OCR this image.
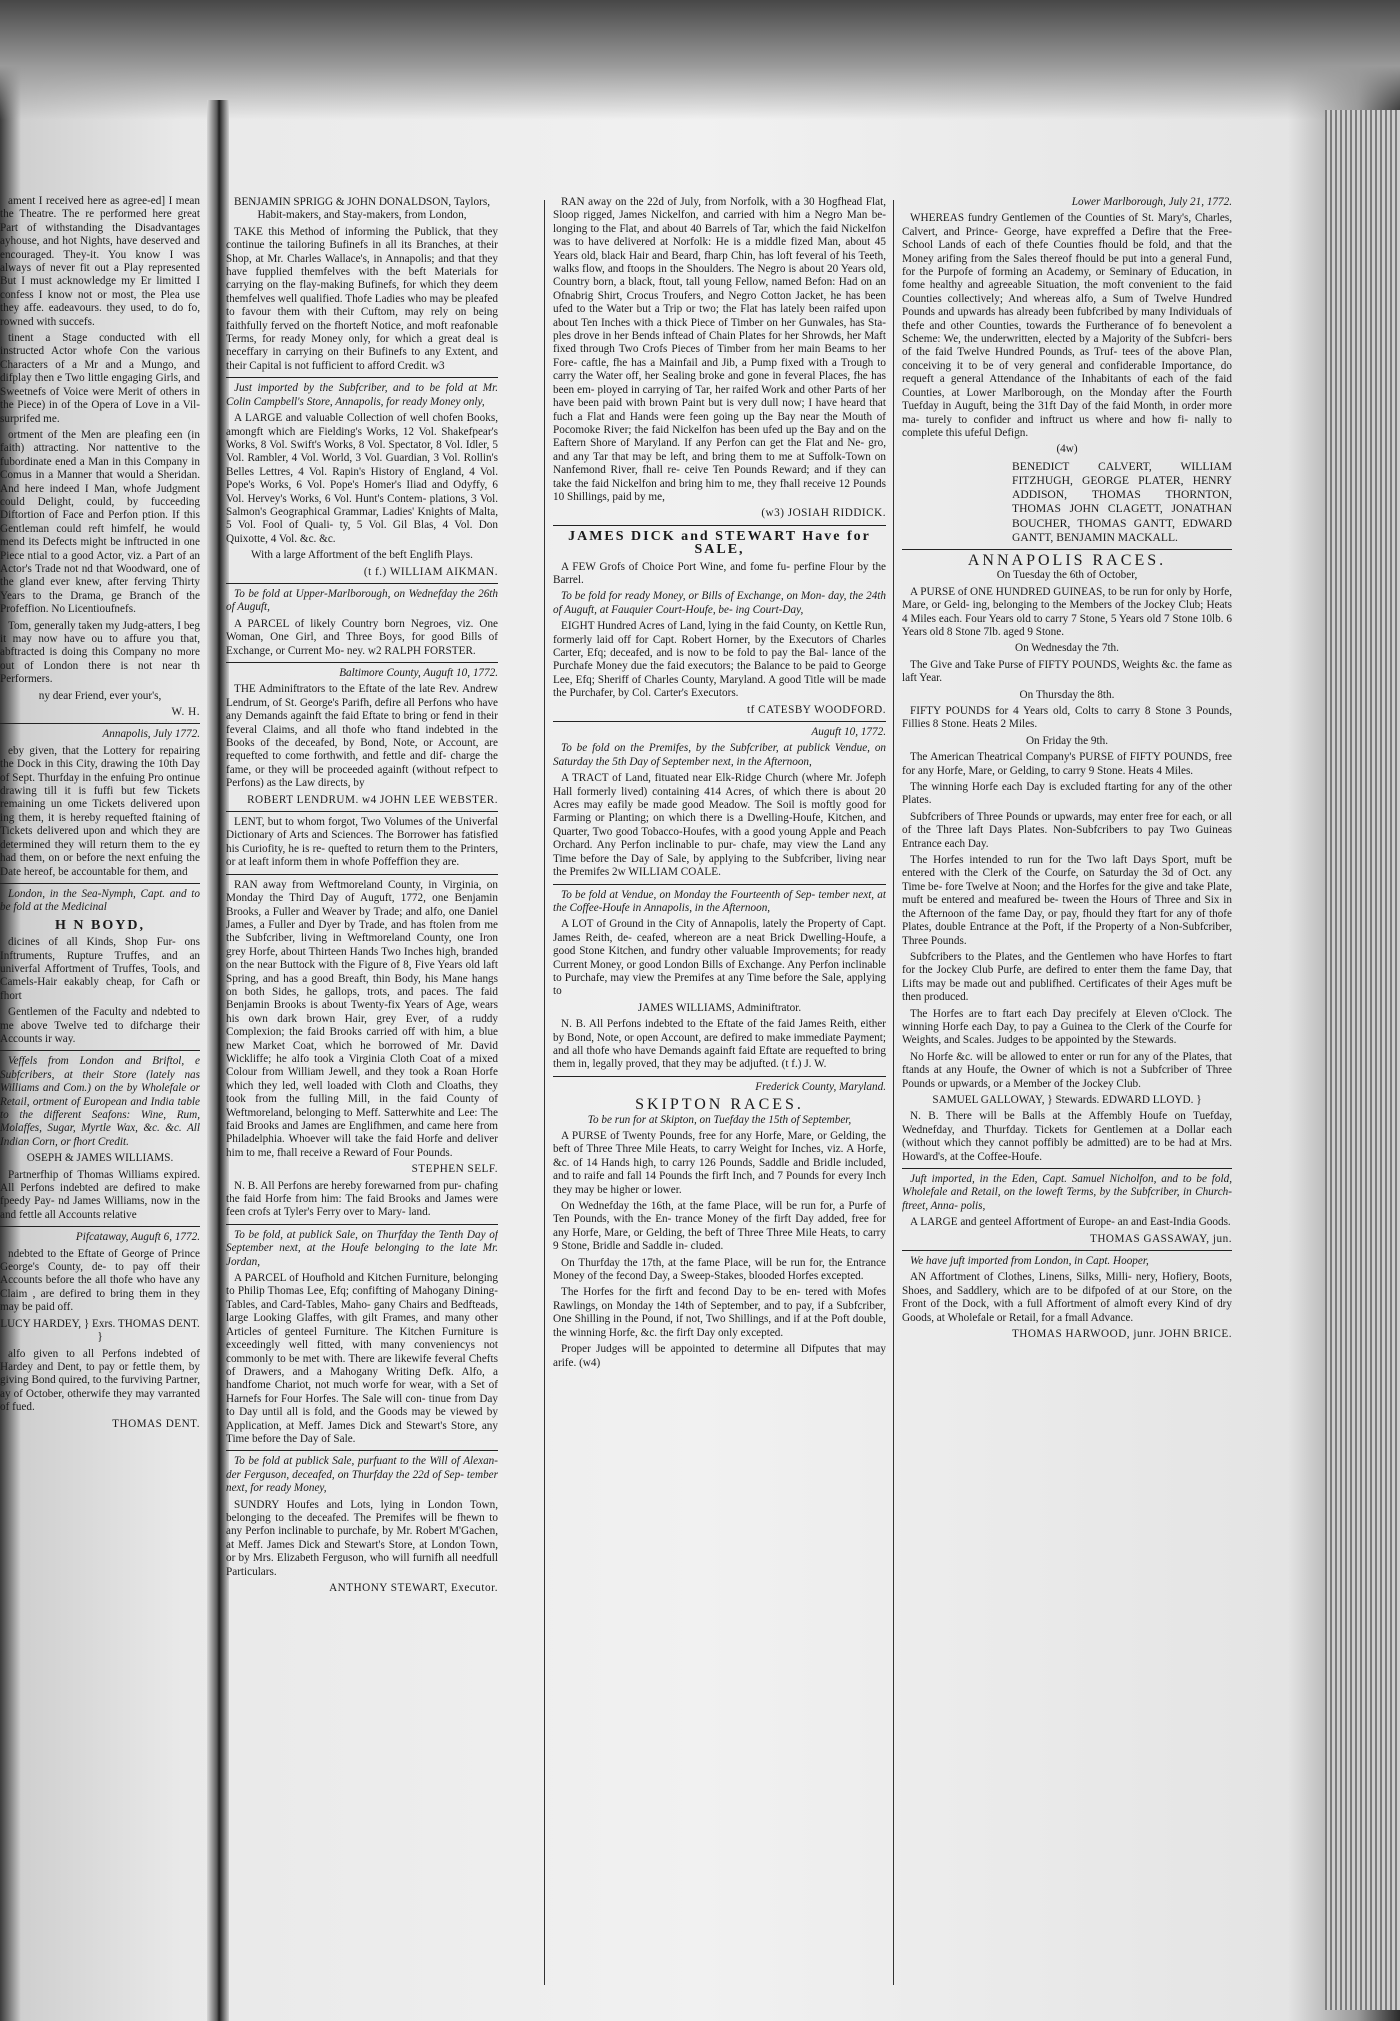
ament I received here as agree-ed] I mean the Theatre. The re performed here great Part of withstanding the Disadvantages ayhouse, and hot Nights, have deserved and encouraged. They-it. You know I was always of never fit out a Play represented But I must acknowledge my Er limitted I confess I know not or most, the Plea use they affe. eadeavours. they used, to do fo, rowned with succefs.

tinent a Stage conducted with ell instructed Actor whofe Con the various Characters of a Mr and a Mungo, and difplay then e Two little engaging Girls, and Sweetnefs of Voice were Merit of others in the Piece) in of the Opera of Love in a Vil- surprifed me.

ortment of the Men are pleafing een (in faith) attracting. Nor nattentive to the fubordinate ened a Man in this Company in Comus in a Manner that would a Sheridan. And here indeed I Man, whofe Judgment could Delight, could, by fucceeding Diftortion of Face and Perfon ption. If this Gentleman could reft himfelf, he would mend its Defects might be inftructed in one Piece ntial to a good Actor, viz. a Part of an Actor's Trade not nd that Woodward, one of the gland ever knew, after ferving Thirty Years to the Drama, ge Branch of the Profeffion. No Licentioufnefs.

Tom, generally taken my Judg-atters, I beg it may now have ou to affure you that, abftracted is doing this Company no more out of London there is not near th Performers.

ny dear Friend, ever your's,

W. H.

Annapolis, July 1772.

eby given, that the Lottery for repairing the Dock in this City, drawing the 10th Day of Sept. Thurfday in the enfuing Pro ontinue drawing till it is fuffi but few Tickets remaining un ome Tickets delivered upon ing them, it is hereby requefted ftaining of Tickets delivered upon and which they are determined they will return them to the ey had them, on or before the next enfuing the Date hereof, be accountable for them, and

London, in the Sea-Nymph, Capt. and to be fold at the Medicinal

H N BOYD,

dicines of all Kinds, Shop Fur- ons Inftruments, Rupture Truffes, and an univerfal Affortment of Truffes, Tools, and Camels-Hair eakably cheap, for Cafh or fhort

Gentlemen of the Faculty and ndebted to me above Twelve ted to difcharge their Accounts ir way.

Veffels from London and Briftol, e Subfcribers, at their Store (lately nas Williams and Com.) on the by Wholefale or Retail, ortment of European and India table to the different Seafons: Wine, Rum, Molaffes, Sugar, Myrtle Wax, &c. &c. All Indian Corn, or fhort Credit.

OSEPH & JAMES WILLIAMS.

Partnerfhip of Thomas Williams expired. All Perfons indebted are defired to make fpeedy Pay- nd James Williams, now in the and fettle all Accounts relative

Pifcataway, Auguft 6, 1772.

ndebted to the Eftate of George of Prince George's County, de- to pay off their Accounts before the all thofe who have any Claim , are defired to bring them in they may be paid off.

LUCY HARDEY, } Exrs. THOMAS DENT. }

alfo given to all Perfons indebted of Hardey and Dent, to pay or fettle them, by giving Bond quired, to the furviving Partner, ay of October, otherwife they may varranted of fued.

THOMAS DENT.

BENJAMIN SPRIGG & JOHN DONALDSON, Taylors, Habit-makers, and Stay-makers, from London,

TAKE this Method of informing the Publick, that they continue the tailoring Bufinefs in all its Branches, at their Shop, at Mr. Charles Wallace's, in Annapolis; and that they have fupplied themfelves with the beft Materials for carrying on the flay-making Bufinefs, for which they deem themfelves well qualified. Thofe Ladies who may be pleafed to favour them with their Cuftom, may rely on being faithfully ferved on the fhorteft Notice, and moft reafonable Terms, for ready Money only, for which a great deal is neceffary in carrying on their Bufinefs to any Extent, and their Capital is not fufficient to afford Credit. w3

Just imported by the Subfcriber, and to be fold at Mr. Colin Campbell's Store, Annapolis, for ready Money only,

A LARGE and valuable Collection of well chofen Books, amongft which are Fielding's Works, 12 Vol. Shakefpear's Works, 8 Vol. Swift's Works, 8 Vol. Spectator, 8 Vol. Idler, 5 Vol. Rambler, 4 Vol. World, 3 Vol. Guardian, 3 Vol. Rollin's Belles Lettres, 4 Vol. Rapin's History of England, 4 Vol. Pope's Works, 6 Vol. Pope's Homer's Iliad and Odyffy, 6 Vol. Hervey's Works, 6 Vol. Hunt's Contem- plations, 3 Vol. Salmon's Geographical Grammar, Ladies' Knights of Malta, 5 Vol. Fool of Quali- ty, 5 Vol. Gil Blas, 4 Vol. Don Quixotte, 4 Vol. &c. &c.

With a large Affortment of the beft Englifh Plays.

(t f.) WILLIAM AIKMAN.

To be fold at Upper-Marlborough, on Wednefday the 26th of Auguft,

A PARCEL of likely Country born Negroes, viz. One Woman, One Girl, and Three Boys, for good Bills of Exchange, or Current Mo- ney. w2 RALPH FORSTER.

Baltimore County, Auguft 10, 1772.

THE Adminiftrators to the Eftate of the late Rev. Andrew Lendrum, of St. George's Parifh, defire all Perfons who have any Demands againft the faid Eftate to bring or fend in their feveral Claims, and all thofe who ftand indebted in the Books of the deceafed, by Bond, Note, or Account, are requefted to come forthwith, and fettle and dif- charge the fame, or they will be proceeded againft (without refpect to Perfons) as the Law directs, by

ROBERT LENDRUM. w4 JOHN LEE WEBSTER.

LENT, but to whom forgot, Two Volumes of the Univerfal Dictionary of Arts and Sciences. The Borrower has fatisfied his Curiofity, he is re- quefted to return them to the Printers, or at leaft inform them in whofe Poffeffion they are.

RAN away from Weftmoreland County, in Virginia, on Monday the Third Day of Auguft, 1772, one Benjamin Brooks, a Fuller and Weaver by Trade; and alfo, one Daniel James, a Fuller and Dyer by Trade, and has ftolen from me the Subfcriber, living in Weftmoreland County, one Iron grey Horfe, about Thirteen Hands Two Inches high, branded on the near Buttock with the Figure of 8, Five Years old laft Spring, and has a good Breaft, thin Body, his Mane hangs on both Sides, he gallops, trots, and paces. The faid Benjamin Brooks is about Twenty-fix Years of Age, wears his own dark brown Hair, grey Ever, of a ruddy Complexion; the faid Brooks carried off with him, a blue new Market Coat, which he borrowed of Mr. David Wickliffe; he alfo took a Virginia Cloth Coat of a mixed Colour from William Jewell, and they took a Roan Horfe which they led, well loaded with Cloth and Cloaths, they took from the fulling Mill, in the faid County of Weftmoreland, belonging to Meff. Satterwhite and Lee: The faid Brooks and James are Englifhmen, and came here from Philadelphia. Whoever will take the faid Horfe and deliver him to me, fhall receive a Reward of Four Pounds.

STEPHEN SELF.

N. B. All Perfons are hereby forewarned from pur- chafing the faid Horfe from him: The faid Brooks and James were feen crofs at Tyler's Ferry over to Mary- land.

To be fold, at publick Sale, on Thurfday the Tenth Day of September next, at the Houfe belonging to the late Mr. Jordan,

A PARCEL of Houfhold and Kitchen Furniture, belonging to Philip Thomas Lee, Efq; confifting of Mahogany Dining-Tables, and Card-Tables, Maho- gany Chairs and Bedfteads, large Looking Glaffes, with gilt Frames, and many other Articles of genteel Furniture. The Kitchen Furniture is exceedingly well fitted, with many conveniencys not commonly to be met with. There are likewife feveral Chefts of Drawers, and a Mahogany Writing Defk. Alfo, a handfome Chariot, not much worfe for wear, with a Set of Harnefs for Four Horfes. The Sale will con- tinue from Day to Day until all is fold, and the Goods may be viewed by Application, at Meff. James Dick and Stewart's Store, any Time before the Day of Sale.

To be fold at publick Sale, purfuant to the Will of Alexan- der Ferguson, deceafed, on Thurfday the 22d of Sep- tember next, for ready Money,

SUNDRY Houfes and Lots, lying in London Town, belonging to the deceafed. The Premifes will be fhewn to any Perfon inclinable to purchafe, by Mr. Robert M'Gachen, at Meff. James Dick and Stewart's Store, at London Town, or by Mrs. Elizabeth Ferguson, who will furnifh all needfull Particulars.

ANTHONY STEWART, Executor.

RAN away on the 22d of July, from Norfolk, with a 30 Hogfhead Flat, Sloop rigged, James Nickelfon, and carried with him a Negro Man be- longing to the Flat, and about 40 Barrels of Tar, which the faid Nickelfon was to have delivered at Norfolk: He is a middle fized Man, about 45 Years old, black Hair and Beard, fharp Chin, has loft feveral of his Teeth, walks flow, and ftoops in the Shoulders. The Negro is about 20 Years old, Country born, a black, ftout, tall young Fellow, named Befon: Had on an Ofnabrig Shirt, Crocus Troufers, and Negro Cotton Jacket, he has been ufed to the Water but a Trip or two; the Flat has lately been raifed upon about Ten Inches with a thick Piece of Timber on her Gunwales, has Sta- ples drove in her Bends inftead of Chain Plates for her Shrowds, her Maft fixed through Two Crofs Pieces of Timber from her main Beams to her Fore- caftle, fhe has a Mainfail and Jib, a Pump fixed with a Trough to carry the Water off, her Sealing broke and gone in feveral Places, fhe has been em- ployed in carrying of Tar, her raifed Work and other Parts of her have been paid with brown Paint but is very dull now; I have heard that fuch a Flat and Hands were feen going up the Bay near the Mouth of Pocomoke River; the faid Nickelfon has been ufed up the Bay and on the Eaftern Shore of Maryland. If any Perfon can get the Flat and Ne- gro, and any Tar that may be left, and bring them to me at Suffolk-Town on Nanfemond River, fhall re- ceive Ten Pounds Reward; and if they can take the faid Nickelfon and bring him to me, they fhall receive 12 Pounds 10 Shillings, paid by me,

(w3) JOSIAH RIDDICK.

JAMES DICK and STEWART Have for SALE,

A FEW Grofs of Choice Port Wine, and fome fu- perfine Flour by the Barrel.

To be fold for ready Money, or Bills of Exchange, on Mon- day, the 24th of Auguft, at Fauquier Court-Houfe, be- ing Court-Day,

EIGHT Hundred Acres of Land, lying in the faid County, on Kettle Run, formerly laid off for Capt. Robert Horner, by the Executors of Charles Carter, Efq; deceafed, and is now to be fold to pay the Bal- lance of the Purchafe Money due the faid executors; the Balance to be paid to George Lee, Efq; Sheriff of Charles County, Maryland. A good Title will be made the Purchafer, by Col. Carter's Executors.

tf CATESBY WOODFORD.

Auguft 10, 1772.

To be fold on the Premifes, by the Subfcriber, at publick Vendue, on Saturday the 5th Day of September next, in the Afternoon,

A TRACT of Land, fituated near Elk-Ridge Church (where Mr. Jofeph Hall formerly lived) containing 414 Acres, of which there is about 20 Acres may eafily be made good Meadow. The Soil is moftly good for Farming or Planting; on which there is a Dwelling-Houfe, Kitchen, and Quarter, Two good Tobacco-Houfes, with a good young Apple and Peach Orchard. Any Perfon inclinable to pur- chafe, may view the Land any Time before the Day of Sale, by applying to the Subfcriber, living near the Premifes 2w WILLIAM COALE.

To be fold at Vendue, on Monday the Fourteenth of Sep- tember next, at the Coffee-Houfe in Annapolis, in the Afternoon,

A LOT of Ground in the City of Annapolis, lately the Property of Capt. James Reith, de- ceafed, whereon are a neat Brick Dwelling-Houfe, a good Stone Kitchen, and fundry other valuable Improvements; for ready Current Money, or good London Bills of Exchange. Any Perfon inclinable to Purchafe, may view the Premifes at any Time before the Sale, applying to

JAMES WILLIAMS, Adminiftrator.

N. B. All Perfons indebted to the Eftate of the faid James Reith, either by Bond, Note, or open Account, are defired to make immediate Payment; and all thofe who have Demands againft faid Eftate are requefted to bring them in, legally proved, that they may be adjufted. (t f.) J. W.

Frederick County, Maryland.

SKIPTON RACES.

To be run for at Skipton, on Tuefday the 15th of September,

A PURSE of Twenty Pounds, free for any Horfe, Mare, or Gelding, the beft of Three Three Mile Heats, to carry Weight for Inches, viz. A Horfe, &c. of 14 Hands high, to carry 126 Pounds, Saddle and Bridle included, and to raife and fall 14 Pounds the firft Inch, and 7 Pounds for every Inch they may be higher or lower.

On Wednefday the 16th, at the fame Place, will be run for, a Purfe of Ten Pounds, with the En- trance Money of the firft Day added, free for any Horfe, Mare, or Gelding, the beft of Three Three Mile Heats, to carry 9 Stone, Bridle and Saddle in- cluded.

On Thurfday the 17th, at the fame Place, will be run for, the Entrance Money of the fecond Day, a Sweep-Stakes, blooded Horfes excepted.

The Horfes for the firft and fecond Day to be en- tered with Mofes Rawlings, on Monday the 14th of September, and to pay, if a Subfcriber, One Shilling in the Pound, if not, Two Shillings, and if at the Poft double, the winning Horfe, &c. the firft Day only excepted.

Proper Judges will be appointed to determine all Difputes that may arife. (w4)

Lower Marlborough, July 21, 1772.

WHEREAS fundry Gentlemen of the Counties of St. Mary's, Charles, Calvert, and Prince- George, have expreffed a Defire that the Free-School Lands of each of thefe Counties fhould be fold, and that the Money arifing from the Sales thereof fhould be put into a general Fund, for the Purpofe of forming an Academy, or Seminary of Education, in fome healthy and agreeable Situation, the moft convenient to the faid Counties collectively; And whereas alfo, a Sum of Twelve Hundred Pounds and upwards has already been fubfcribed by many Individuals of thefe and other Counties, towards the Furtherance of fo benevolent a Scheme: We, the underwritten, elected by a Majority of the Subfcri- bers of the faid Twelve Hundred Pounds, as Truf- tees of the above Plan, conceiving it to be of very general and confiderable Importance, do requeft a general Attendance of the Inhabitants of each of the faid Counties, at Lower Marlborough, on the Monday after the Fourth Tuefday in Auguft, being the 31ft Day of the faid Month, in order more ma- turely to confider and inftruct us where and how fi- nally to complete this ufeful Defign.

(4w)

BENEDICT CALVERT, WILLIAM FITZHUGH, GEORGE PLATER, HENRY ADDISON, THOMAS THORNTON, THOMAS JOHN CLAGETT, JONATHAN BOUCHER, THOMAS GANTT, EDWARD GANTT, BENJAMIN MACKALL.

ANNAPOLIS RACES.

On Tuesday the 6th of October,

A PURSE of ONE HUNDRED GUINEAS, to be run for only by Horfe, Mare, or Geld- ing, belonging to the Members of the Jockey Club; Heats 4 Miles each. Four Years old to carry 7 Stone, 5 Years old 7 Stone 10lb. 6 Years old 8 Stone 7lb. aged 9 Stone.

On Wednesday the 7th.

The Give and Take Purse of FIFTY POUNDS, Weights &c. the fame as laft Year.

On Thursday the 8th.

FIFTY POUNDS for 4 Years old, Colts to carry 8 Stone 3 Pounds, Fillies 8 Stone. Heats 2 Miles.

On Friday the 9th.

The American Theatrical Company's PURSE of FIFTY POUNDS, free for any Horfe, Mare, or Gelding, to carry 9 Stone. Heats 4 Miles.

The winning Horfe each Day is excluded ftarting for any of the other Plates.

Subfcribers of Three Pounds or upwards, may enter free for each, or all of the Three laft Days Plates. Non-Subfcribers to pay Two Guineas Entrance each Day.

The Horfes intended to run for the Two laft Days Sport, muft be entered with the Clerk of the Courfe, on Saturday the 3d of Oct. any Time be- fore Twelve at Noon; and the Horfes for the give and take Plate, muft be entered and meafured be- tween the Hours of Three and Six in the Afternoon of the fame Day, or pay, fhould they ftart for any of thofe Plates, double Entrance at the Poft, if the Property of a Non-Subfcriber, Three Pounds.

Subfcribers to the Plates, and the Gentlemen who have Horfes to ftart for the Jockey Club Purfe, are defired to enter them the fame Day, that Lifts may be made out and publifhed. Certificates of their Ages muft be then produced.

The Horfes are to ftart each Day precifely at Eleven o'Clock. The winning Horfe each Day, to pay a Guinea to the Clerk of the Courfe for Weights, and Scales. Judges to be appointed by the Stewards.

No Horfe &c. will be allowed to enter or run for any of the Plates, that ftands at any Houfe, the Owner of which is not a Subfcriber of Three Pounds or upwards, or a Member of the Jockey Club.

SAMUEL GALLOWAY, } Stewards. EDWARD LLOYD. }

N. B. There will be Balls at the Affembly Houfe on Tuefday, Wednefday, and Thurfday. Tickets for Gentlemen at a Dollar each (without which they cannot poffibly be admitted) are to be had at Mrs. Howard's, at the Coffee-Houfe.

Juft imported, in the Eden, Capt. Samuel Nicholfon, and to be fold, Wholefale and Retail, on the loweft Terms, by the Subfcriber, in Church-ftreet, Anna- polis,

A LARGE and genteel Affortment of Europe- an and East-India Goods.

THOMAS GASSAWAY, jun.

We have juft imported from London, in Capt. Hooper,

AN Affortment of Clothes, Linens, Silks, Milli- nery, Hofiery, Boots, Shoes, and Saddlery, which are to be difpofed of at our Store, on the Front of the Dock, with a full Affortment of almoft every Kind of dry Goods, at Wholefale or Retail, for a fmall Advance.

THOMAS HARWOOD, junr. JOHN BRICE.
